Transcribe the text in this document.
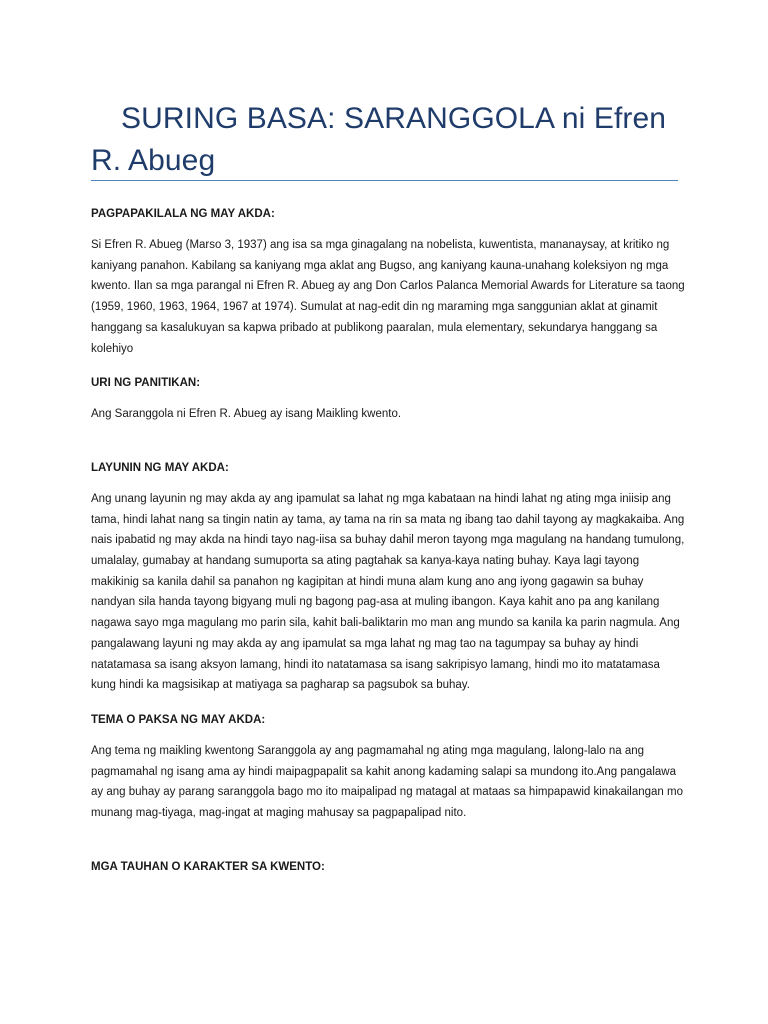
SURING BASA: SARANGGOLA ni Efren R. Abueg

PAGPAPAKILALA NG MAY AKDA:

Si Efren R. Abueg (Marso 3, 1937) ang isa sa mga ginagalang na nobelista, kuwentista, mananaysay, at kritiko ng kaniyang panahon. Kabilang sa kaniyang mga aklat ang Bugso, ang kaniyang kauna-unahang koleksiyon ng mga kwento. Ilan sa mga parangal ni Efren R. Abueg ay ang Don Carlos Palanca Memorial Awards for Literature sa taong (1959, 1960, 1963, 1964, 1967 at 1974). Sumulat at nag-edit din ng maraming mga sanggunian aklat at ginamit hanggang sa kasalukuyan sa kapwa pribado at publikong paaralan, mula elementary, sekundarya hanggang sa kolehiyo

URI NG PANITIKAN:

Ang Saranggola ni Efren R. Abueg ay isang Maikling kwento.

LAYUNIN NG MAY AKDA:

Ang unang layunin ng may akda ay ang ipamulat sa lahat ng mga kabataan na hindi lahat ng ating mga iniisip ang tama, hindi lahat nang sa tingin natin ay tama, ay tama na rin sa mata ng ibang tao dahil tayong ay magkakaiba. Ang nais ipabatid ng may akda na hindi tayo nag-iisa sa buhay dahil meron tayong mga magulang na handang tumulong, umalalay, gumabay at handang sumuporta sa ating pagtahak sa kanya-kaya nating buhay. Kaya lagi tayong makikinig sa kanila dahil sa panahon ng kagipitan at hindi muna alam kung ano ang iyong gagawin sa buhay nandyan sila handa tayong bigyang muli ng bagong pag-asa at muling ibangon. Kaya kahit ano pa ang kanilang nagawa sayo mga magulang mo parin sila, kahit bali-baliktarin mo man ang mundo sa kanila ka parin nagmula. Ang pangalawang layuni ng may akda ay ang ipamulat sa mga lahat ng mag tao na tagumpay sa buhay ay hindi natatamasa sa isang aksyon lamang, hindi ito natatamasa sa isang sakripisyo lamang, hindi mo ito matatamasa kung hindi ka magsisikap at matiyaga sa pagharap sa pagsubok sa buhay.

TEMA O PAKSA NG MAY AKDA:

Ang tema ng maikling kwentong Saranggola ay ang pagmamahal ng ating mga magulang, lalong-lalo na ang pagmamahal ng isang ama ay hindi maipagpapalit sa kahit anong kadaming salapi sa mundong ito.Ang pangalawa ay ang buhay ay parang saranggola bago mo ito maipalipad ng matagal at mataas sa himpapawid kinakailangan mo munang mag-tiyaga, mag-ingat at maging mahusay sa pagpapalipad nito.

MGA TAUHAN O KARAKTER SA KWENTO:
